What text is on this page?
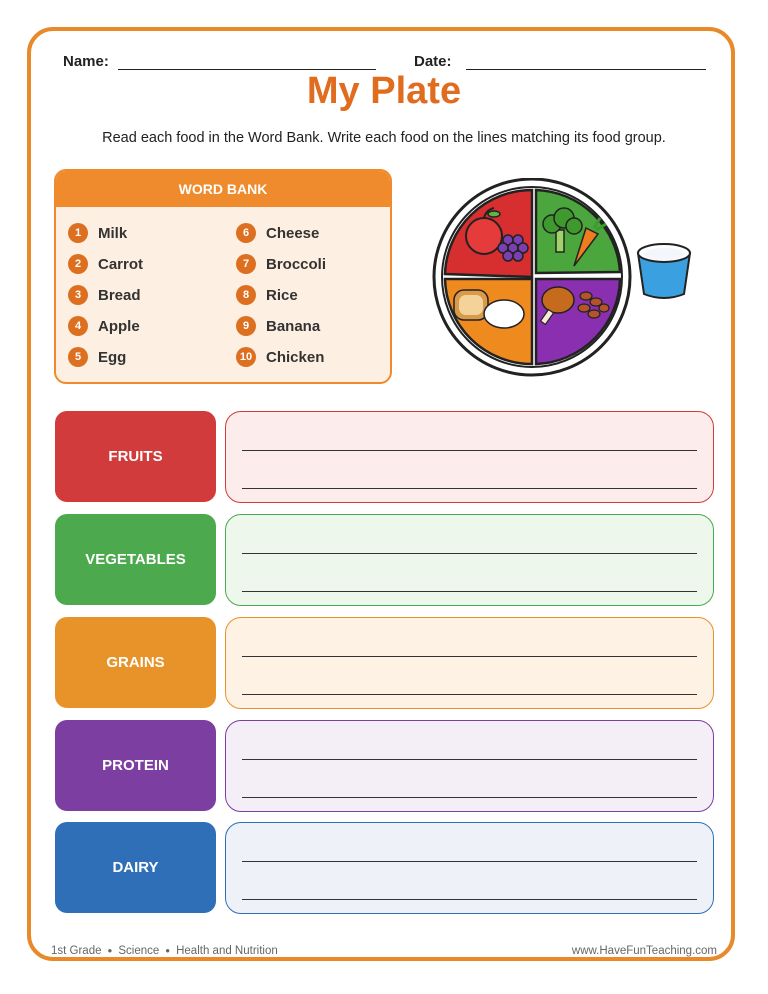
Name:	Date:
My Plate
Read each food in the Word Bank. Write each food on the lines matching its food group.
WORD BANK
1	Milk
2	Carrot
3	Bread
4	Apple
5	Egg
6	Cheese
7	Broccoli
8	Rice
9	Banana
10 Chicken
FRUITS
VEGETABLES
GRAINS
PROTEIN
DAIRY
1st Grade ● Science ● Health and Nutrition	www.HaveFunTeaching.com
